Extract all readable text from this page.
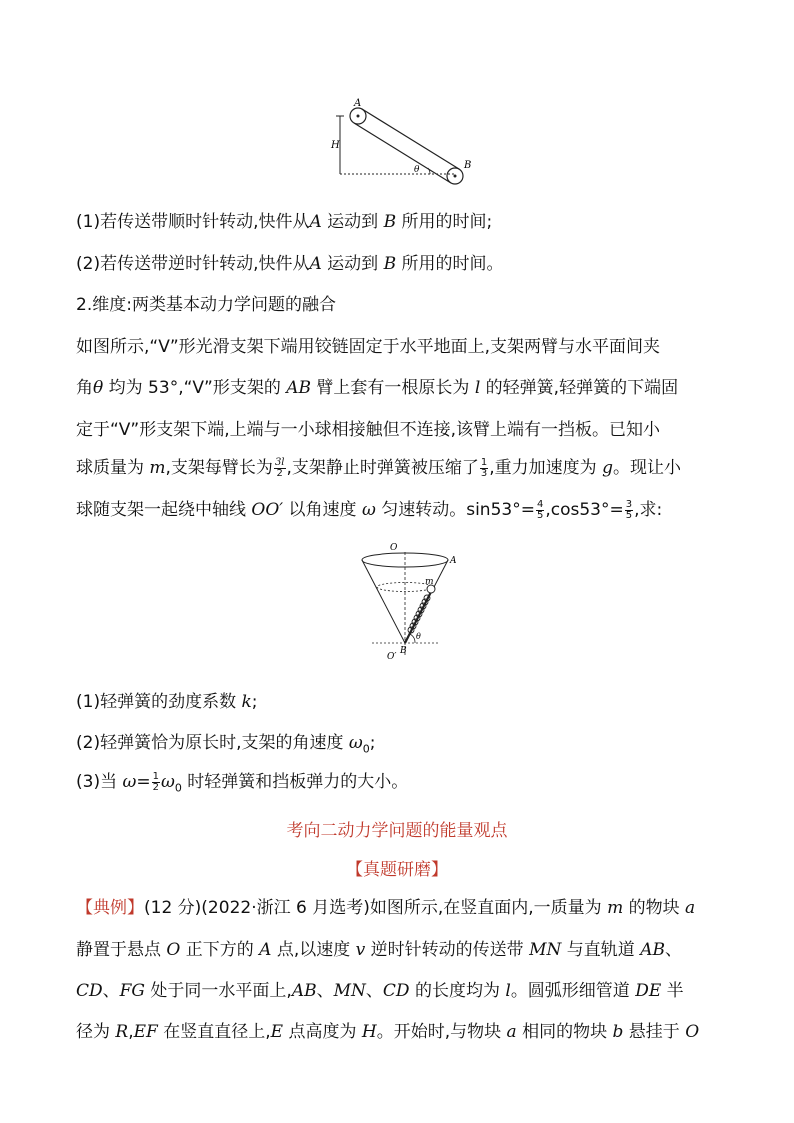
A
H
θ	B
(1)若传送带顺时针转动,快件从A 运动到 B 所用的时间;
(2)若传送带逆时针转动,快件从A 运动到 B 所用的时间。
2.维度:两类基本动力学问题的融合
如图所示,“V”形光滑支架下端用铰链固定于水平地面上,支架两臂与水平面间夹
角θ 均为 53°,“V”形支架的 AB 臂上套有一根原长为 l 的轻弹簧,轻弹簧的下端固
定于“V”形支架下端,上端与一小球相接触但不连接,该臂上端有一挡板。已知小
球质量为 m,支架每臂长为 $\frac{3l}{2}$ ,支架静止时弹簧被压缩了 $\frac{1}{3}$ ,重力加速度为 g。现让小
球随支架一起绕中轴线 OO′ 以角速度 ω 匀速转动。$\sin 53^\circ= \frac{4}{5} ,\cos 53^\circ= \frac{3}{5}$ ,求:
O
A
m
θ
O′
B
(1)轻弹簧的劲度系数 k;
(2)轻弹簧恰为原长时,支架的角速度 $\omega_0$;
(3)当 $\omega= \frac{1}{2} \omega_0$ 时轻弹簧和挡板弹力的大小。
考向二动力学问题的能量观点
【真题研磨】
【典例】(12 分)(2022·浙江 6 月选考)如图所示,在竖直面内,一质量为 m 的物块 a
静置于悬点 O 正下方的 A 点,以速度 v 逆时针转动的传送带 MN 与直轨道 AB、
CD、FG 处于同一水平面上,AB、MN、CD 的长度均为 l。圆弧形细管道 DE 半
径为 R,EF 在竖直直径上,E 点高度为 H。开始时,与物块 a 相同的物块 b 悬挂于 O
